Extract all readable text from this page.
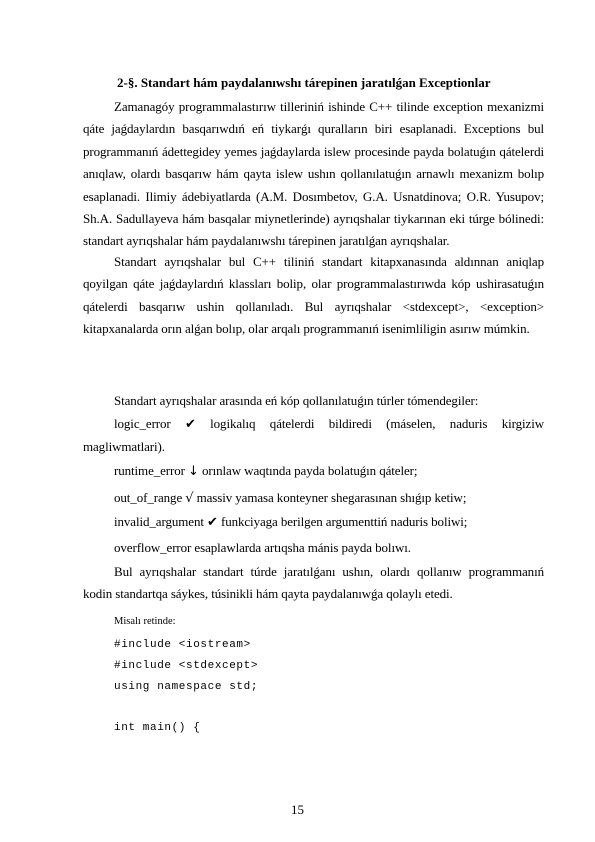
2-§. Standart hám paydalanıwshı tárepinen jaratılǵan Exceptionlar

Zamanagóy programmalastırıw tilleriniń ishinde C++ tilinde exception mexanizmi qáte jaǵdaylardın basqarıwdıń eń tiykarǵı quralların biri esaplanadi. Exceptions bul programmanıń ádettegidey yemes jaǵdaylarda islew procesinde payda bolatuǵın qátelerdi anıqlaw, olardı basqarıw hám qayta islew ushın qollanılatuǵın arnawlı mexanizm bolıp esaplanadi. Ilimiy ádebiyatlarda (A.M. Dosımbetov, G.A. Usnatdinova; O.R. Yusupov; Sh.A. Sadullayeva hám basqalar miynetlerinde) ayrıqshalar tiykarınan eki túrge bólinedi: standart ayrıqshalar hám paydalanıwshı tárepinen jaratılǵan ayrıqshalar.

Standart ayrıqshalar bul C++ tiliniń standart kitapxanasında aldınnan aniqlap qoyilgan qáte jaǵdaylardıń klassları bolip, olar programmalastırıwda kóp ushirasatuǵın qátelerdi basqarıw ushin qollanıladı. Bul ayrıqshalar <stdexcept>, <exception> kitapxanalarda orın alǵan bolıp, olar arqalı programmanıń isenimliligin asırıw múmkin.

Standart ayrıqshalar arasında eń kóp qollanılatuǵın túrler tómendegiler:

logic_error ✔ logikalıq qátelerdi bildiredi (máselen, naduris kirgiziw magliwmatlari).

runtime_error ↓ orınlaw waqtında payda bolatuǵın qáteler;

out_of_range √ massiv yamasa konteyner shegarasınan shıǵıp ketiw;

invalid_argument ✔ funkciyaga berilgen argumenttiń naduris boliwi;

overflow_error esaplawlarda artıqsha mánis payda bolıwı.

Bul ayrıqshalar standart túrde jaratılǵanı ushın, olardı qollanıw programmanıń kodin standartqa sáykes, túsinikli hám qayta paydalanıwǵa qolaylı etedi.

Misalı retinde:
#include <iostream>
#include <stdexcept>
using namespace std;
int main() {
15
